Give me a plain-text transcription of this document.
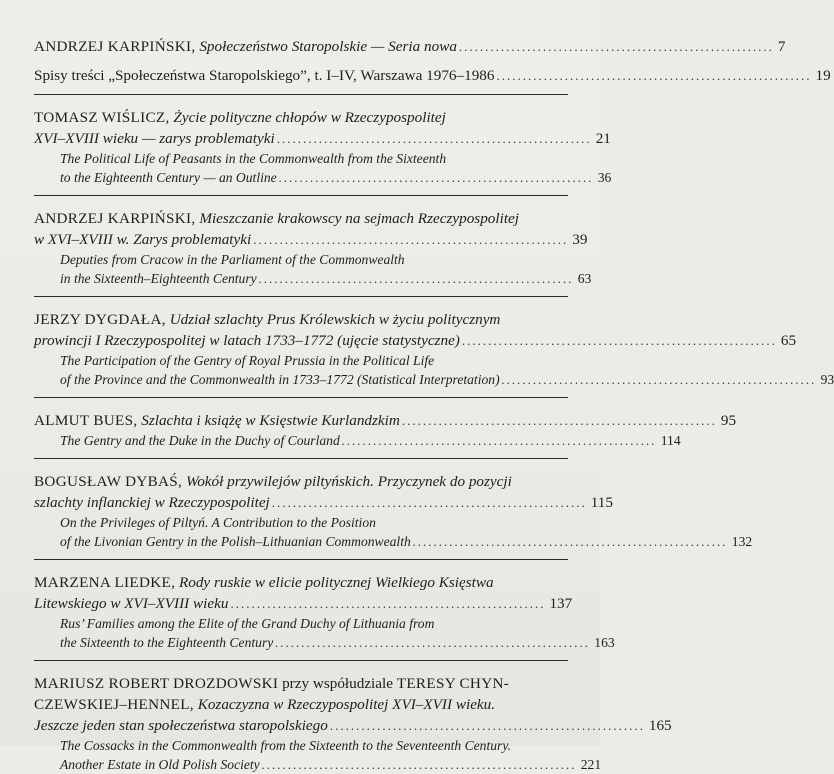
ANDRZEJ KARPIŃSKI, Społeczeństwo Staropolskie — Seria nowa ............................................................ 7
Spisy treści „Społeczeństwa Staropolskiego”, t. I–IV, Warszawa 1976–1986 ............................................................ 19
TOMASZ WIŚLICZ, Życie polityczne chłopów w Rzeczypospolitej
XVI–XVIII wieku — zarys problematyki ............................................................ 21
The Political Life of Peasants in the Commonwealth from the Sixteenth
to the Eighteenth Century — an Outline ............................................................ 36
ANDRZEJ KARPIŃSKI, Mieszczanie krakowscy na sejmach Rzeczypospolitej
w XVI–XVIII w. Zarys problematyki ............................................................ 39
Deputies from Cracow in the Parliament of the Commonwealth
in the Sixteenth–Eighteenth Century ............................................................ 63
JERZY DYGDAŁA, Udział szlachty Prus Królewskich w życiu politycznym
prowincji I Rzeczypospolitej w latach 1733–1772 (ujęcie statystyczne) ............................................................ 65
The Participation of the Gentry of Royal Prussia in the Political Life
of the Province and the Commonwealth in 1733–1772 (Statistical Interpretation) ............................................................ 93
ALMUT BUES, Szlachta i książę w Księstwie Kurlandzkim ............................................................ 95
The Gentry and the Duke in the Duchy of Courland ............................................................ 114
BOGUSŁAW DYBAŚ, Wokół przywilejów piltyńskich. Przyczynek do pozycji
szlachty inflanckiej w Rzeczypospolitej ............................................................ 115
On the Privileges of Piltyń. A Contribution to the Position
of the Livonian Gentry in the Polish–Lithuanian Commonwealth ............................................................ 132
MARZENA LIEDKE, Rody ruskie w elicie politycznej Wielkiego Księstwa
Litewskiego w XVI–XVIII wieku ............................................................ 137
Rus’ Families among the Elite of the Grand Duchy of Lithuania from
the Sixteenth to the Eighteenth Century ............................................................ 163
MARIUSZ ROBERT DROZDOWSKI przy współudziale TERESY CHYN-
CZEWSKIEJ–HENNEL, Kozaczyzna w Rzeczypospolitej XVI–XVII wieku.
Jeszcze jeden stan społeczeństwa staropolskiego ............................................................ 165
The Cossacks in the Commonwealth from the Sixteenth to the Seventeenth Century.
Another Estate in Old Polish Society ............................................................ 221
